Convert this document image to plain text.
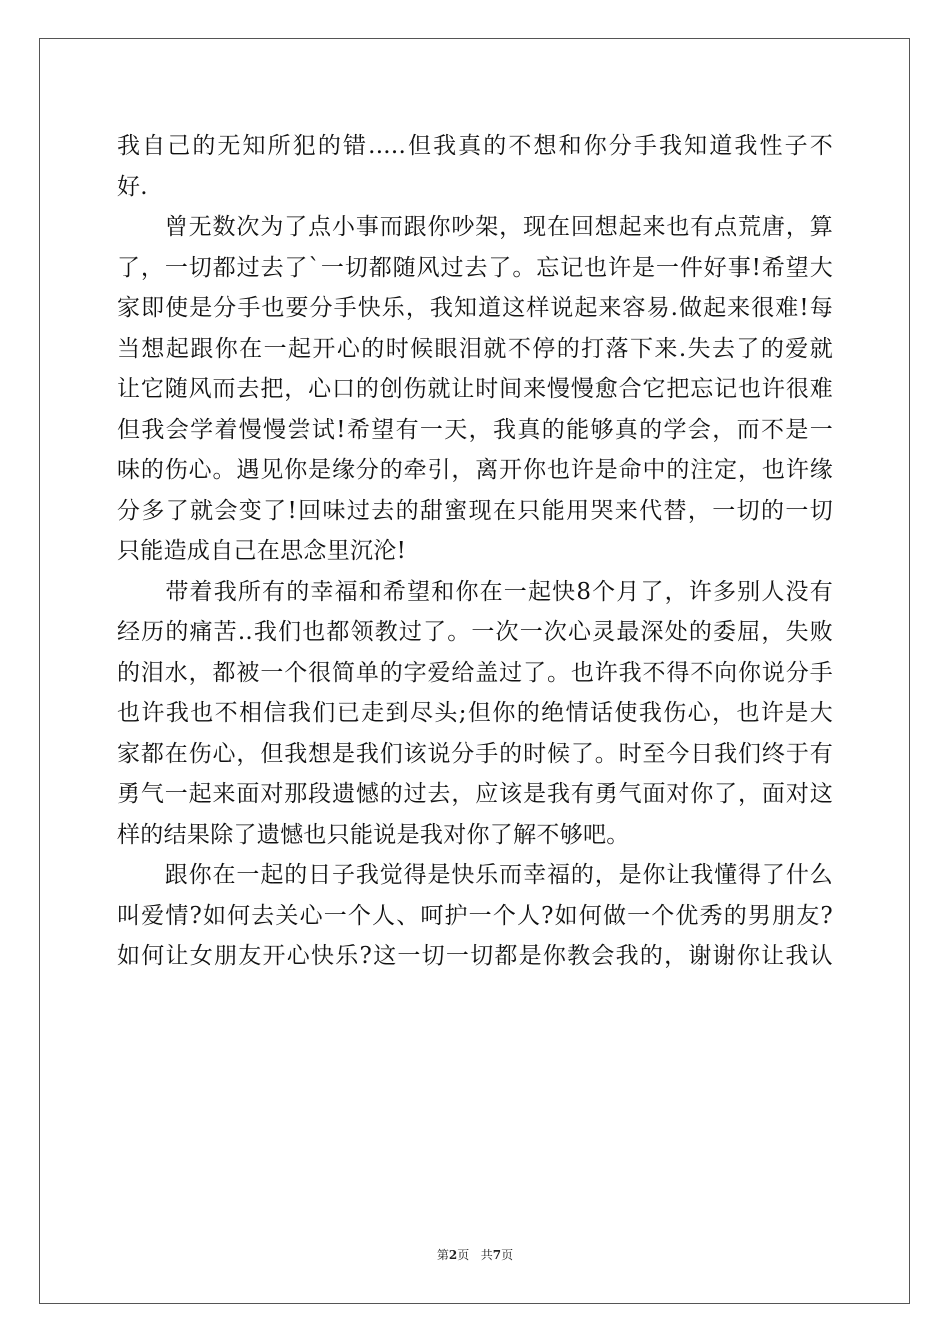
我自己的无知所犯的错.....但我真的不想和你分手我知道我性子不
好.
　　曾无数次为了点小事而跟你吵架，现在回想起来也有点荒唐，算
了，一切都过去了`一切都随风过去了。忘记也许是一件好事!希望大
家即使是分手也要分手快乐，我知道这样说起来容易.做起来很难!每
当想起跟你在一起开心的时候眼泪就不停的打落下来.失去了的爱就
让它随风而去把，心口的创伤就让时间来慢慢愈合它把忘记也许很难
但我会学着慢慢尝试!希望有一天，我真的能够真的学会，而不是一
味的伤心。遇见你是缘分的牵引，离开你也许是命中的注定，也许缘
分多了就会变了!回味过去的甜蜜现在只能用哭来代替，一切的一切
只能造成自己在思念里沉沦!
　　带着我所有的幸福和希望和你在一起快8个月了，许多别人没有
经历的痛苦..我们也都领教过了。一次一次心灵最深处的委屈，失败
的泪水，都被一个很简单的字爱给盖过了。也许我不得不向你说分手
也许我也不相信我们已走到尽头;但你的绝情话使我伤心，也许是大
家都在伤心，但我想是我们该说分手的时候了。时至今日我们终于有
勇气一起来面对那段遗憾的过去，应该是我有勇气面对你了，面对这
样的结果除了遗憾也只能说是我对你了解不够吧。
　　跟你在一起的日子我觉得是快乐而幸福的，是你让我懂得了什么
叫爱情?如何去关心一个人、呵护一个人?如何做一个优秀的男朋友?
如何让女朋友开心快乐?这一切一切都是你教会我的，谢谢你让我认
第2页 共7页
